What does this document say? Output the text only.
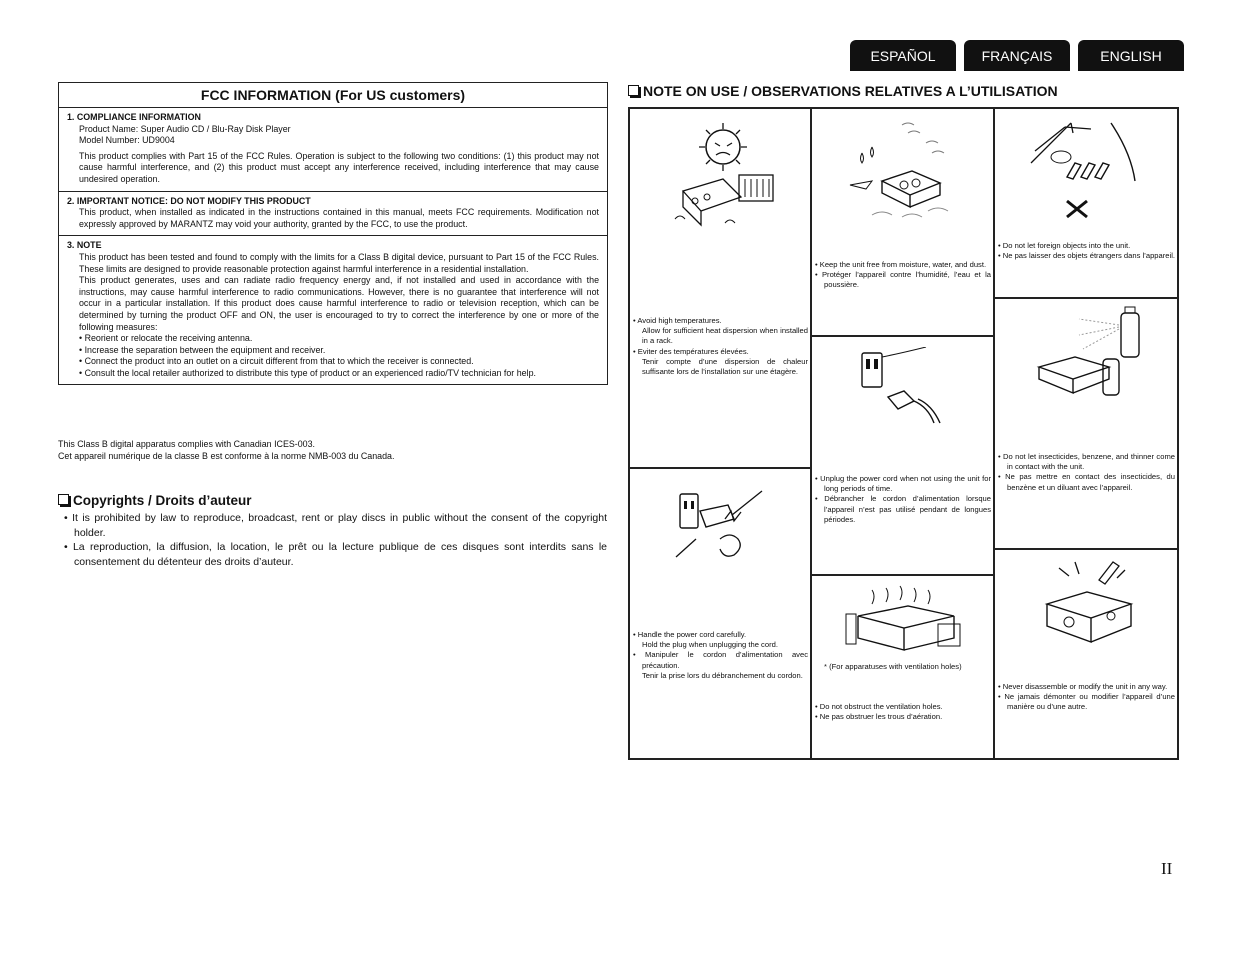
ESPAÑOL	FRANÇAIS	ENGLISH
FCC INFORMATION (For US customers)
1. COMPLIANCE INFORMATION

Product Name: Super Audio CD / Blu-Ray Disk Player

Model Number: UD9004

This product complies with Part 15 of the FCC Rules. Operation is subject to the following two conditions: (1) this product may not cause harmful interference, and (2) this product must accept any interference received, including interference that may cause undesired operation.

2. IMPORTANT NOTICE: DO NOT MODIFY THIS PRODUCT

This product, when installed as indicated in the instructions contained in this manual, meets FCC requirements. Modification not expressly approved by MARANTZ may void your authority, granted by the FCC, to use the product.

3. NOTE

This product has been tested and found to comply with the limits for a Class B digital device, pursuant to Part 15 of the FCC Rules. These limits are designed to provide reasonable protection against harmful interference in a residential installation.

This product generates, uses and can radiate radio frequency energy and, if not installed and used in accordance with the instructions, may cause harmful interference to radio communications. However, there is no guarantee that interference will not occur in a particular installation. If this product does cause harmful interference to radio or television reception, which can be determined by turning the product OFF and ON, the user is encouraged to try to correct the interference by one or more of the following measures:

• Reorient or relocate the receiving antenna.
• Increase the separation between the equipment and receiver.
• Connect the product into an outlet on a circuit different from that to which the receiver is connected.
• Consult the local retailer authorized to distribute this type of product or an experienced radio/TV technician for help.
This Class B digital apparatus complies with Canadian ICES-003.
Cet appareil numérique de la classe B est conforme à la norme NMB-003 du Canada.
Copyrights / Droits d’auteur
• It is prohibited by law to reproduce, broadcast, rent or play discs in public without the consent of the copyright holder.
• La reproduction, la diffusion, la location, le prêt ou la lecture publique de ces disques sont interdits sans le consentement du détenteur des droits d’auteur.
NOTE ON USE / OBSERVATIONS RELATIVES A L’UTILISATION
• Avoid high temperatures.
Allow for sufficient heat dispersion when installed in a rack.
• Eviter des températures élevées.
Tenir compte d’une dispersion de chaleur suffisante lors de l’installation sur une étagère.
• Handle the power cord carefully.
Hold the plug when unplugging the cord.
• Manipuler le cordon d’alimentation avec précaution.
Tenir la prise lors du débranchement du cordon.
• Keep the unit free from moisture, water, and dust.
• Protéger l’appareil contre l’humidité, l’eau et la poussière.
• Unplug the power cord when not using the unit for long periods of time.
• Débrancher le cordon d’alimentation lorsque l’appareil n’est pas utilisé pendant de longues périodes.
* (For apparatuses with ventilation holes)
• Do not obstruct the ventilation holes.
• Ne pas obstruer les trous d’aération.
• Do not let foreign objects into the unit.
• Ne pas laisser des objets étrangers dans l’appareil.
• Do not let insecticides, benzene, and thinner come in contact with the unit.
• Ne pas mettre en contact des insecticides, du benzène et un diluant avec l’appareil.
• Never disassemble or modify the unit in any way.
• Ne jamais démonter ou modifier l’appareil d’une manière ou d’une autre.
II
